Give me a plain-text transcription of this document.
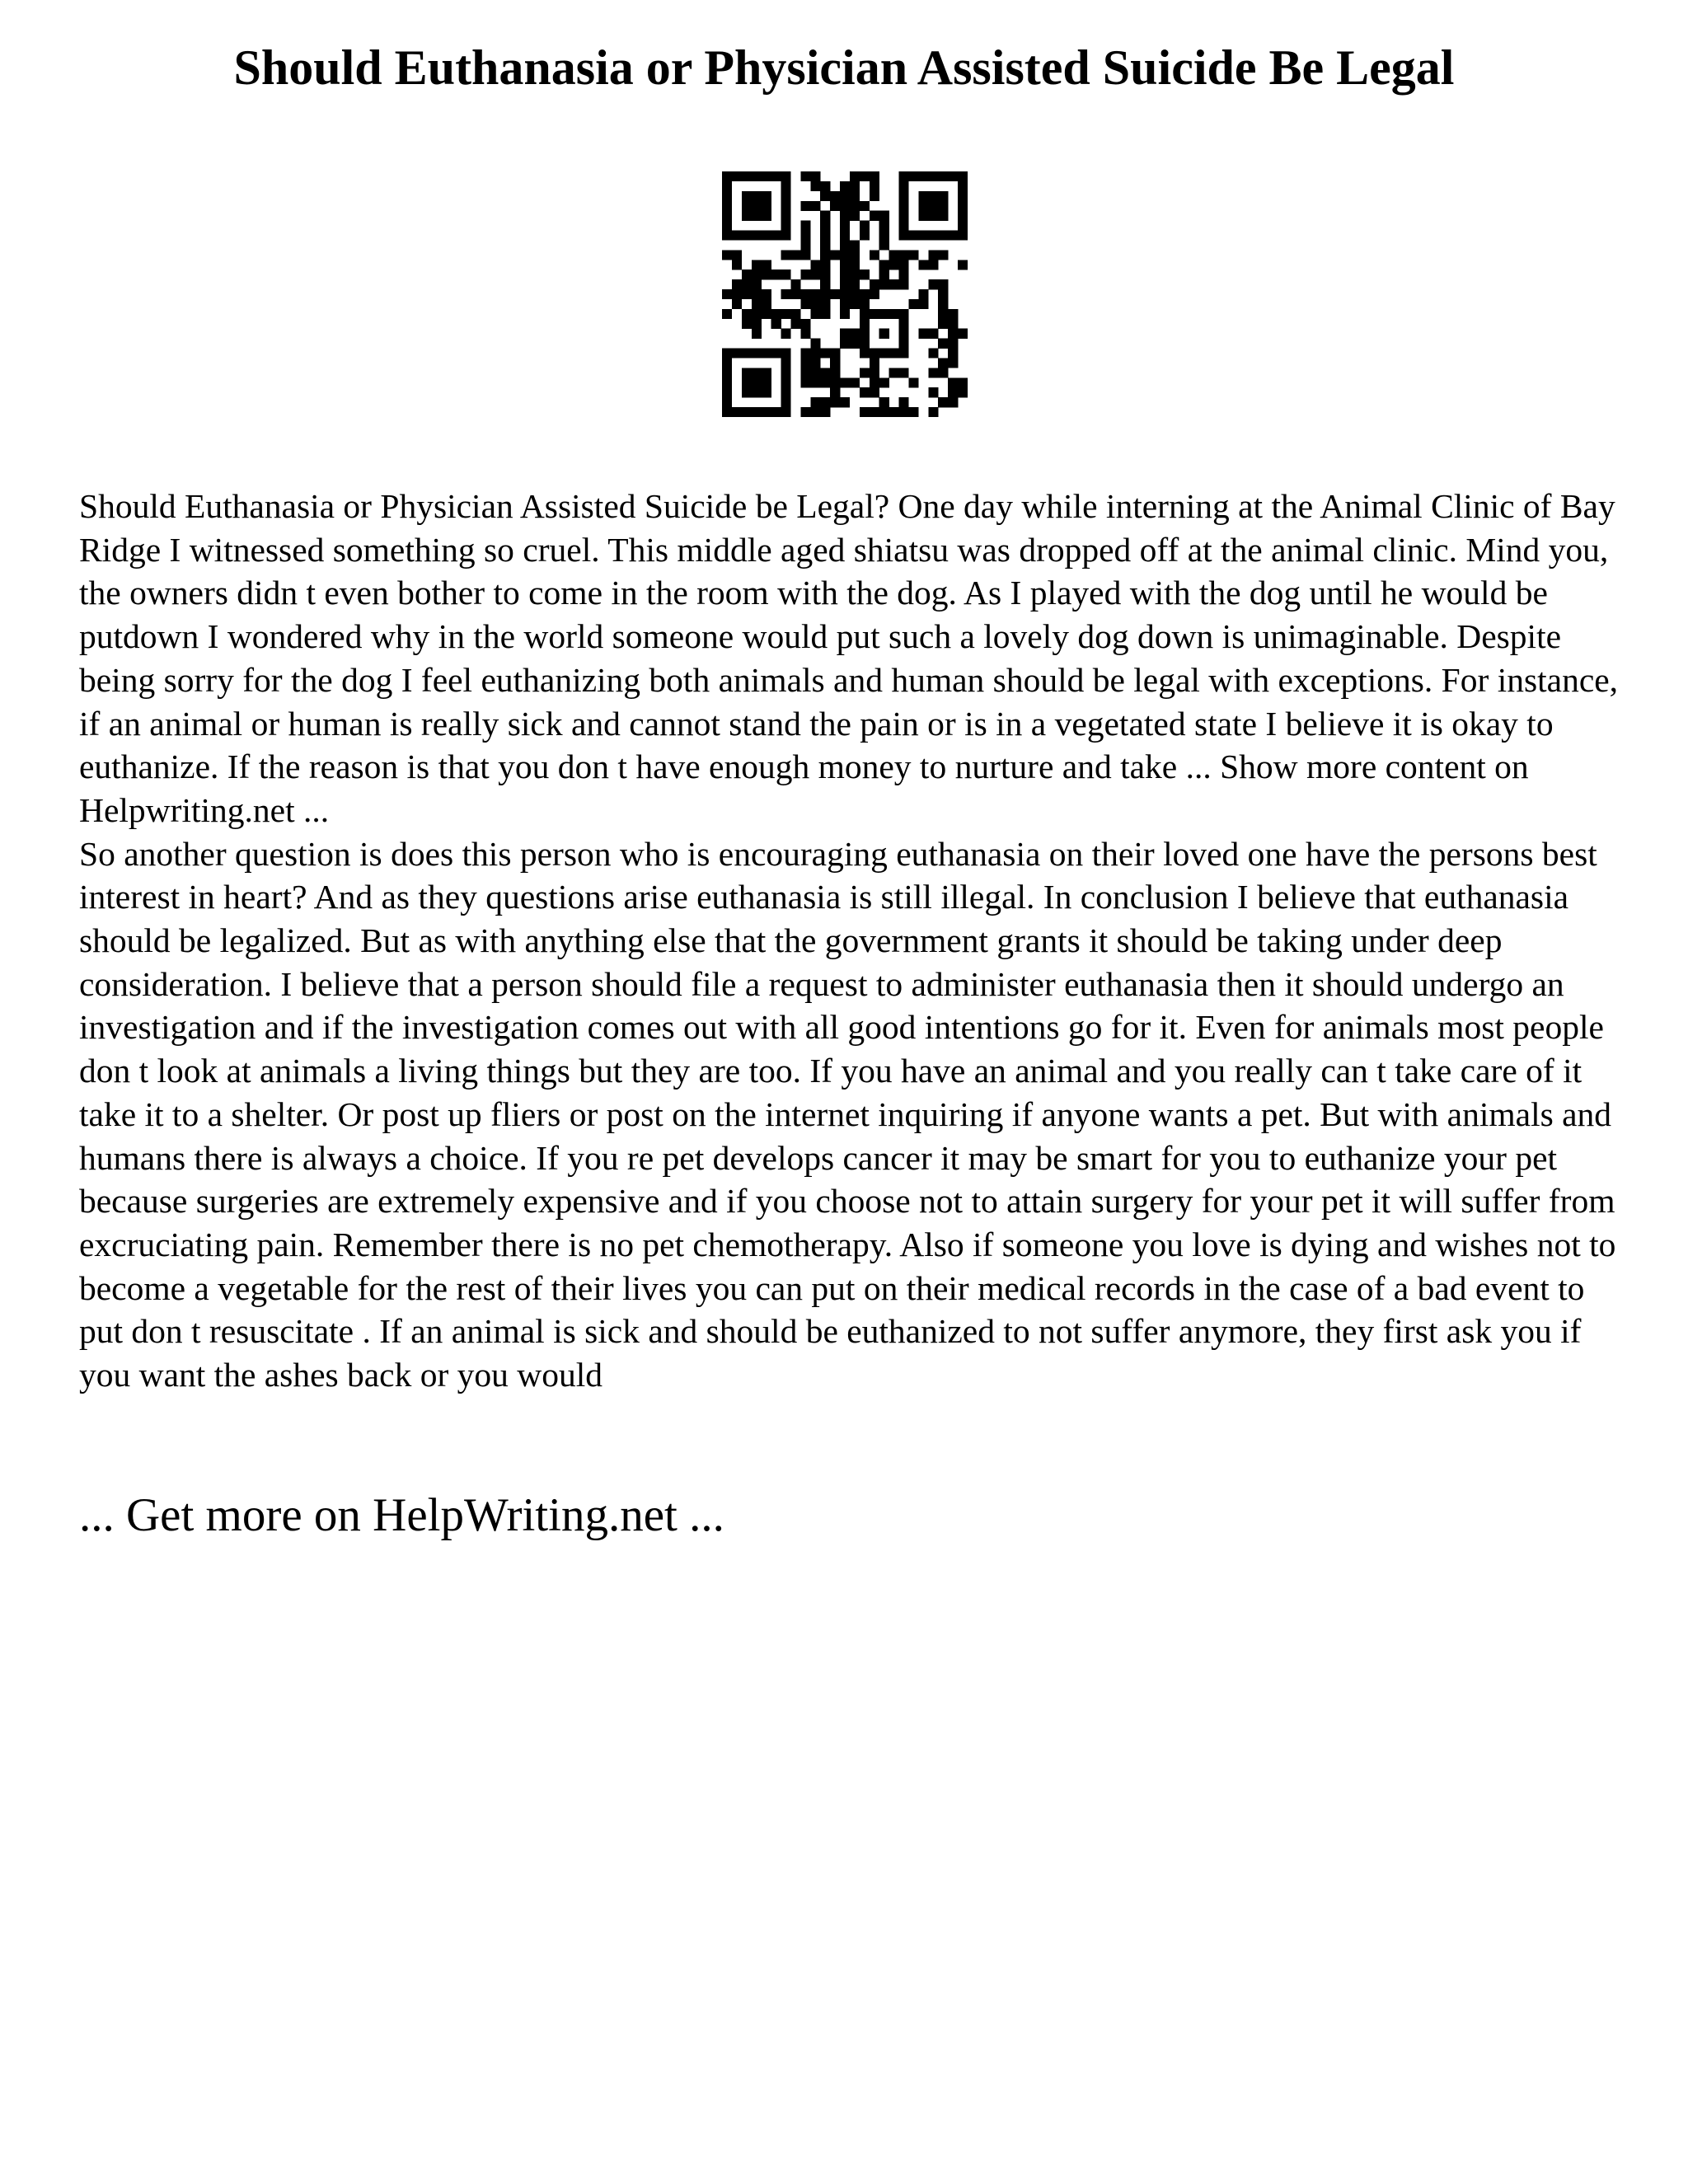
Should Euthanasia or Physician Assisted Suicide Be Legal

Should Euthanasia or Physician Assisted Suicide be Legal? One day while interning at the Animal Clinic of Bay Ridge I witnessed something so cruel. This middle aged shiatsu was dropped off at the animal clinic. Mind you, the owners didn t even bother to come in the room with the dog. As I played with the dog until he would be putdown I wondered why in the world someone would put such a lovely dog down is unimaginable. Despite being sorry for the dog I feel euthanizing both animals and human should be legal with exceptions. For instance, if an animal or human is really sick and cannot stand the pain or is in a vegetated state I believe it is okay to euthanize. If the reason is that you don t have enough money to nurture and take ... Show more content on Helpwriting.net ...

So another question is does this person who is encouraging euthanasia on their loved one have the persons best interest in heart? And as they questions arise euthanasia is still illegal. In conclusion I believe that euthanasia should be legalized. But as with anything else that the government grants it should be taking under deep consideration. I believe that a person should file a request to administer euthanasia then it should undergo an investigation and if the investigation comes out with all good intentions go for it. Even for animals most people don t look at animals a living things but they are too. If you have an animal and you really can t take care of it take it to a shelter. Or post up fliers or post on the internet inquiring if anyone wants a pet. But with animals and humans there is always a choice. If you re pet develops cancer it may be smart for you to euthanize your pet because surgeries are extremely expensive and if you choose not to attain surgery for your pet it will suffer from excruciating pain. Remember there is no pet chemotherapy. Also if someone you love is dying and wishes not to become a vegetable for the rest of their lives you can put on their medical records in the case of a bad event to put don t resuscitate . If an animal is sick and should be euthanized to not suffer anymore, they first ask you if you want the ashes back or you would

... Get more on HelpWriting.net ...
